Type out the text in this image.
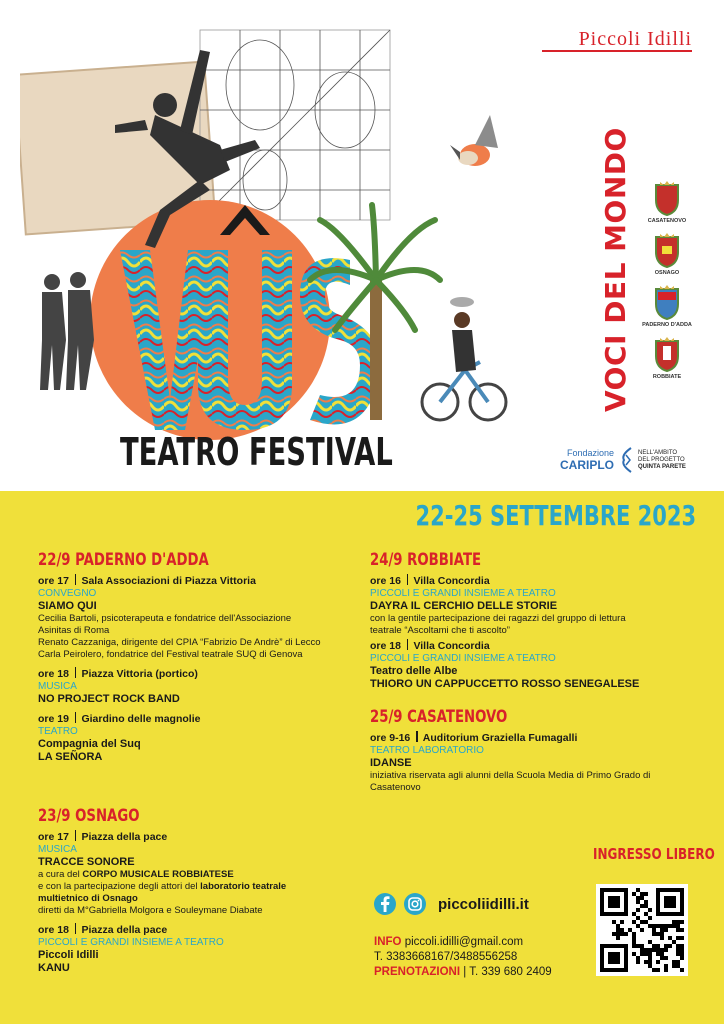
Piccoli Idilli
VOCI DEL MONDO	CASATENOVO
OSNAGO
PADERNO D'ADDA
ROBBIATE
TEATRO FESTIVAL	Fondazione
CARIPLO
NELL'AMBITO
DEL PROGETTO
QUINTA PARETE
22-25 SETTEMBRE 2023
22/9 PADERNO D'ADDA
ore 17 Sala Associazioni di Piazza Vittoria
CONVEGNO
SIAMO QUI
Cecilia Bartoli, psicoterapeuta e fondatrice dell'Associazione
Asinitas di Roma
Renato Cazzaniga, dirigente del CPIA “Fabrizio De Andrè” di Lecco
Carla Peirolero, fondatrice del Festival teatrale SUQ di Genova
ore 18 Piazza Vittoria (portico)
MUSICA
NO PROJECT ROCK BAND
ore 19 Giardino delle magnolie
TEATRO
Compagnia del Suq
LA SEÑORA
23/9 OSNAGO
ore 17 Piazza della pace
MUSICA
TRACCE SONORE
a cura del CORPO MUSICALE ROBBIATESE
e con la partecipazione degli attori del laboratorio teatrale
multietnico di Osnago
diretti da M°Gabriella Molgora e Souleymane Diabate
ore 18 Piazza della pace
PICCOLI E GRANDI INSIEME A TEATRO
Piccoli Idilli
KANU
24/9 ROBBIATE
ore 16 Villa Concordia
PICCOLI E GRANDI INSIEME A TEATRO
DAYRA IL CERCHIO DELLE STORIE
con la gentile partecipazione dei ragazzi del gruppo di lettura
teatrale “Ascoltami che ti ascolto”
ore 18 Villa Concordia
PICCOLI E GRANDI INSIEME A TEATRO
Teatro delle Albe
THIORO UN CAPPUCCETTO ROSSO SENEGALESE
25/9 CASATENOVO
ore 9-16 Auditorium Graziella Fumagalli
TEATRO LABORATORIO
IDANSE
iniziativa riservata agli alunni della Scuola Media di Primo Grado di
Casatenovo
INGRESSO LIBERO
piccoliidilli.it
INFO piccoli.idilli@gmail.com
T. 3383668167/3488556258
PRENOTAZIONI | T. 339 680 2409
